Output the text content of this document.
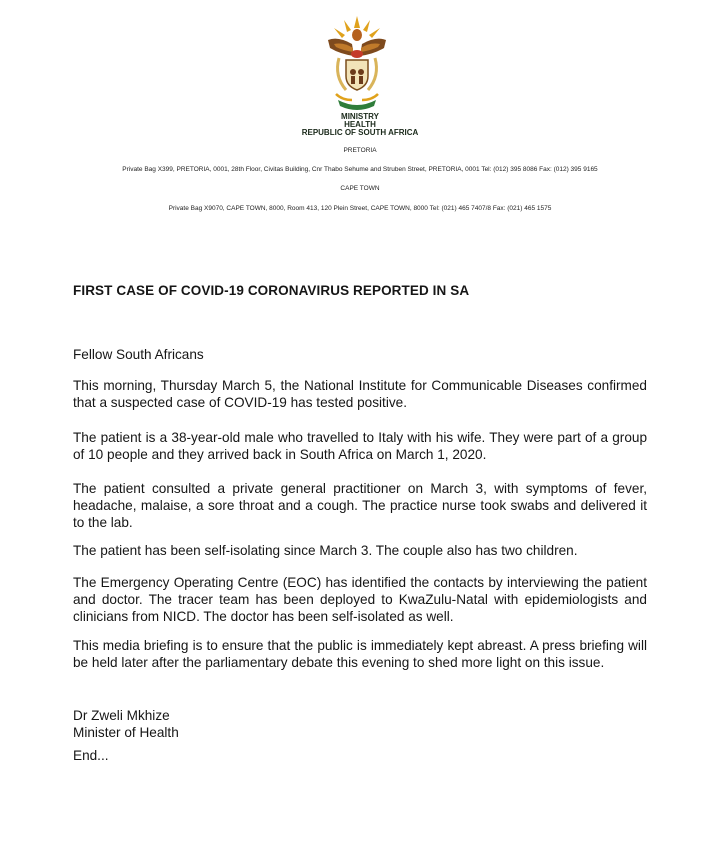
MINISTRY

HEALTH

REPUBLIC OF SOUTH AFRICA

PRETORIA

Private Bag X399, PRETORIA, 0001, 28th Floor, Civitas Building, Cnr Thabo Sehume and Struben Street, PRETORIA, 0001 Tel: (012) 395 8086 Fax: (012) 395 9165

CAPE TOWN

Private Bag X9070, CAPE TOWN, 8000, Room 413, 120 Plein Street, CAPE TOWN, 8000 Tel: (021) 465 7407/8 Fax: (021) 465 1575

FIRST CASE OF COVID-19 CORONAVIRUS REPORTED IN SA

Fellow South Africans

This morning, Thursday March 5, the National Institute for Communicable Diseases confirmed that a suspected case of COVID-19 has tested positive.

The patient is a 38-year-old male who travelled to Italy with his wife. They were part of a group of 10 people and they arrived back in South Africa on March 1, 2020.

The patient consulted a private general practitioner on March 3, with symptoms of fever, headache, malaise, a sore throat and a cough. The practice nurse took swabs and delivered it to the lab.

The patient has been self-isolating since March 3. The couple also has two children.

The Emergency Operating Centre (EOC) has identified the contacts by interviewing the patient and doctor. The tracer team has been deployed to KwaZulu-Natal with epidemiologists and clinicians from NICD. The doctor has been self-isolated as well.

This media briefing is to ensure that the public is immediately kept abreast. A press briefing will be held later after the parliamentary debate this evening to shed more light on this issue.

Dr Zweli Mkhize

Minister of Health

End...
